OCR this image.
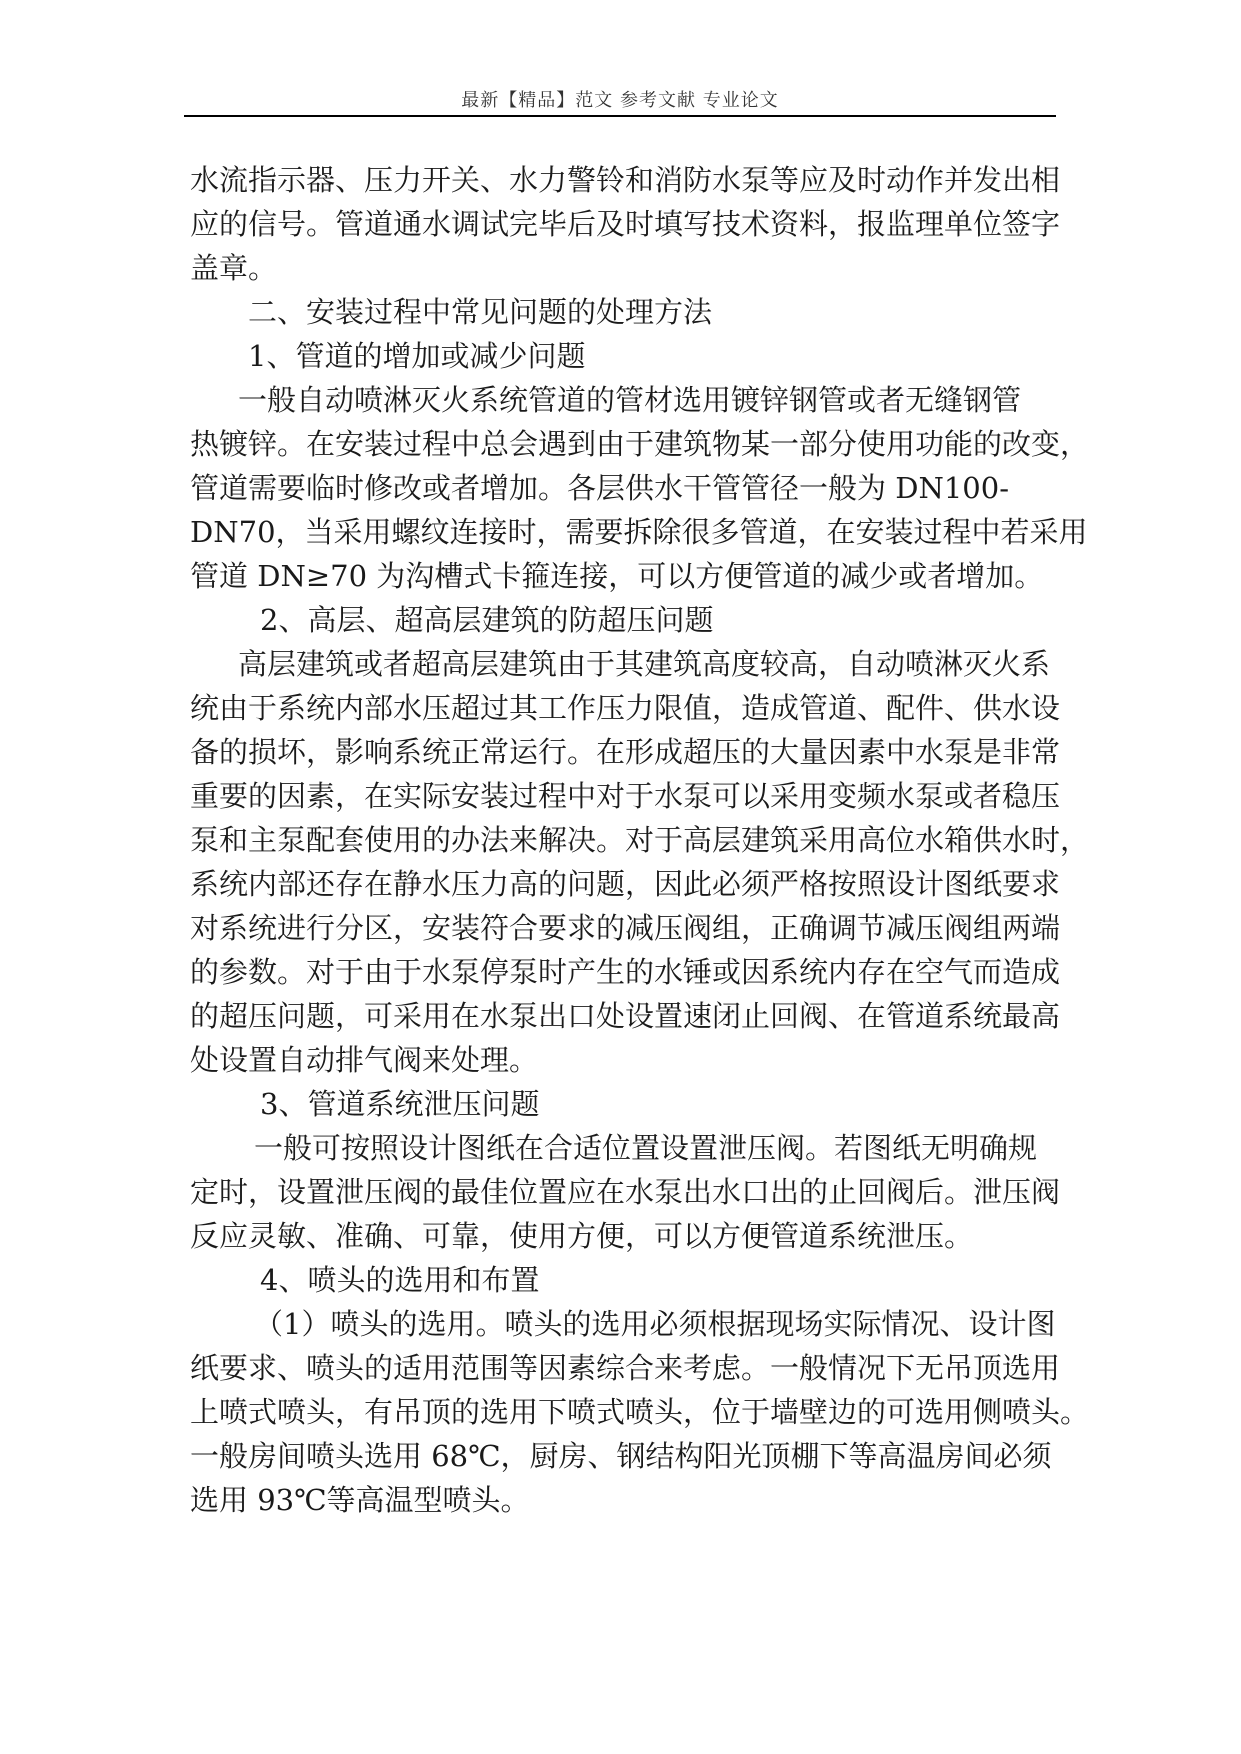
最新【精品】范文 参考文献 专业论文
水流指示器、压力开关、水力警铃和消防水泵等应及时动作并发出相
应的信号。管道通水调试完毕后及时填写技术资料，报监理单位签字
盖章。
二、安装过程中常见问题的处理方法
1、管道的增加或减少问题
一般自动喷淋灭火系统管道的管材选用镀锌钢管或者无缝钢管
热镀锌。在安装过程中总会遇到由于建筑物某一部分使用功能的改变，
管道需要临时修改或者增加。各层供水干管管径一般为 DN100-
DN70，当采用螺纹连接时，需要拆除很多管道，在安装过程中若采用
管道 DN≥70 为沟槽式卡箍连接，可以方便管道的减少或者增加。
2、高层、超高层建筑的防超压问题
高层建筑或者超高层建筑由于其建筑高度较高，自动喷淋灭火系
统由于系统内部水压超过其工作压力限值，造成管道、配件、供水设
备的损坏，影响系统正常运行。在形成超压的大量因素中水泵是非常
重要的因素，在实际安装过程中对于水泵可以采用变频水泵或者稳压
泵和主泵配套使用的办法来解决。对于高层建筑采用高位水箱供水时，
系统内部还存在静水压力高的问题，因此必须严格按照设计图纸要求
对系统进行分区，安装符合要求的减压阀组，正确调节减压阀组两端
的参数。对于由于水泵停泵时产生的水锤或因系统内存在空气而造成
的超压问题，可采用在水泵出口处设置速闭止回阀、在管道系统最高
处设置自动排气阀来处理。
3、管道系统泄压问题
一般可按照设计图纸在合适位置设置泄压阀。若图纸无明确规
定时，设置泄压阀的最佳位置应在水泵出水口出的止回阀后。泄压阀
反应灵敏、准确、可靠，使用方便，可以方便管道系统泄压。
4、喷头的选用和布置
（1）喷头的选用。喷头的选用必须根据现场实际情况、设计图
纸要求、喷头的适用范围等因素综合来考虑。一般情况下无吊顶选用
上喷式喷头，有吊顶的选用下喷式喷头，位于墙壁边的可选用侧喷头。
一般房间喷头选用 68℃，厨房、钢结构阳光顶棚下等高温房间必须
选用 93℃等高温型喷头。
